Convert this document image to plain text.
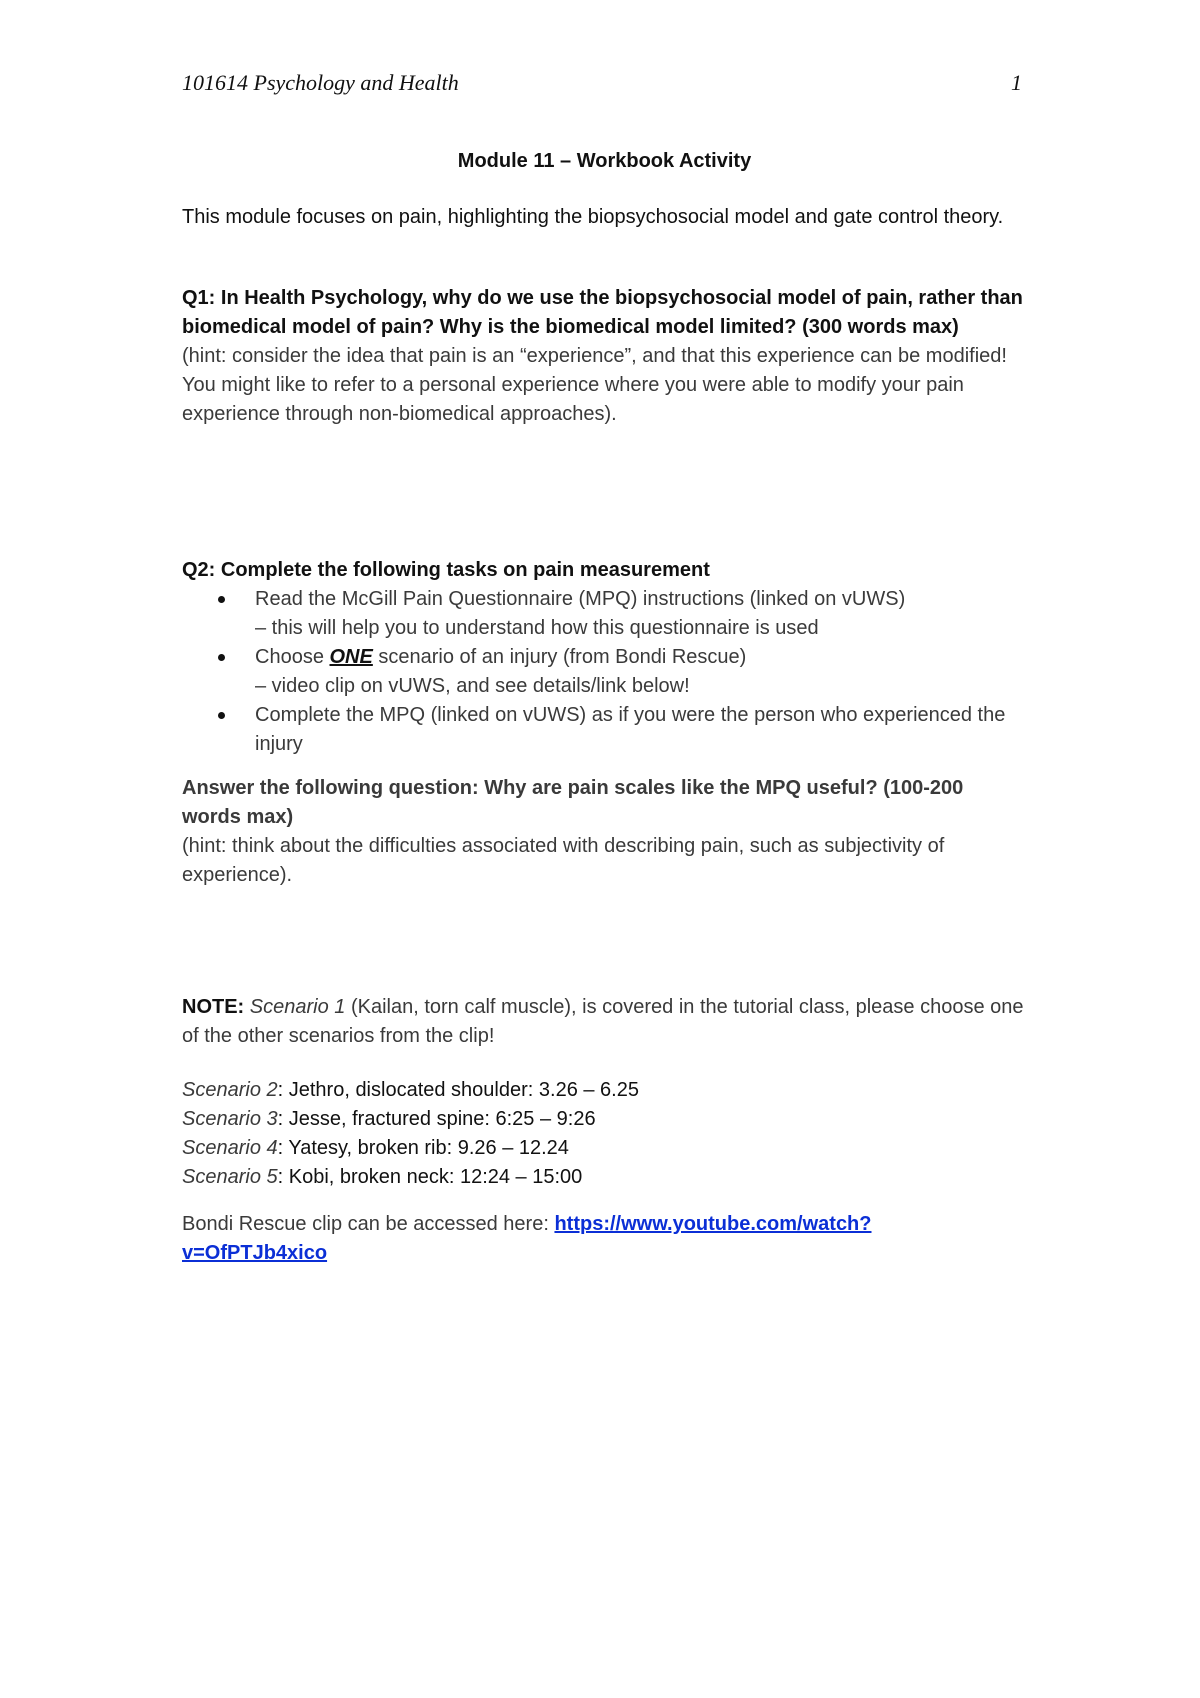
101614 Psychology and Health	1
Module 11 – Workbook Activity

This module focuses on pain, highlighting the biopsychosocial model and gate control theory.

Q1: In Health Psychology, why do we use the biopsychosocial model of pain, rather than biomedical model of pain? Why is the biomedical model limited? (300 words max)

(hint: consider the idea that pain is an “experience”, and that this experience can be modified! You might like to refer to a personal experience where you were able to modify your pain experience through non-biomedical approaches).

Q2: Complete the following tasks on pain measurement

Read the McGill Pain Questionnaire (MPQ) instructions (linked on vUWS)
– this will help you to understand how this questionnaire is used
Choose ONE scenario of an injury (from Bondi Rescue)
– video clip on vUWS, and see details/link below!
Complete the MPQ (linked on vUWS) as if you were the person who experienced the injury

Answer the following question: Why are pain scales like the MPQ useful? (100-200 words max)

(hint: think about the difficulties associated with describing pain, such as subjectivity of experience).

NOTE: Scenario 1 (Kailan, torn calf muscle), is covered in the tutorial class, please choose one of the other scenarios from the clip!

Scenario 2: Jethro, dislocated shoulder: 3.26 – 6.25
Scenario 3: Jesse, fractured spine: 6:25 – 9:26
Scenario 4: Yatesy, broken rib: 9.26 – 12.24
Scenario 5: Kobi, broken neck: 12:24 – 15:00
Bondi Rescue clip can be accessed here: https://www.youtube.com/watch?
v=OfPTJb4xico
